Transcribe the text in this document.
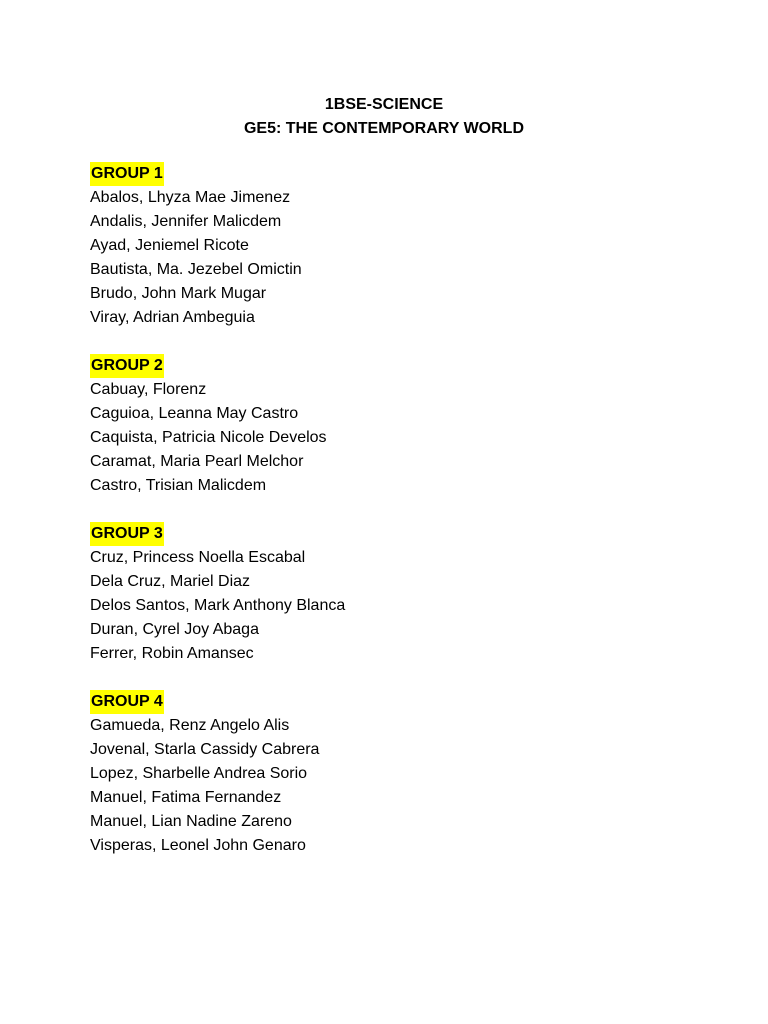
1BSE-SCIENCE
GE5: THE CONTEMPORARY WORLD
GROUP 1
Abalos, Lhyza Mae Jimenez
Andalis, Jennifer Malicdem
Ayad, Jeniemel Ricote
Bautista, Ma. Jezebel Omictin
Brudo, John Mark Mugar
Viray, Adrian Ambeguia
GROUP 2
Cabuay, Florenz
Caguioa, Leanna May Castro
Caquista, Patricia Nicole Develos
Caramat, Maria Pearl Melchor
Castro, Trisian Malicdem
GROUP 3
Cruz, Princess Noella Escabal
Dela Cruz, Mariel Diaz
Delos Santos, Mark Anthony Blanca
Duran, Cyrel Joy Abaga
Ferrer, Robin Amansec
GROUP 4
Gamueda, Renz Angelo Alis
Jovenal, Starla Cassidy Cabrera
Lopez, Sharbelle Andrea Sorio
Manuel, Fatima Fernandez
Manuel, Lian Nadine Zareno
Visperas, Leonel John Genaro
